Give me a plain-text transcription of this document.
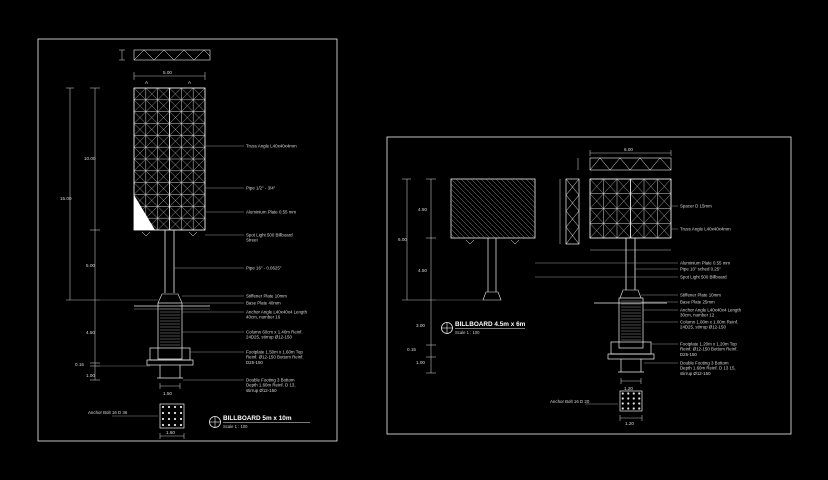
5.00
A	A
10.00
5.00
15.00
4.50
0.15
1.00
1.50
Truss Angle L40x40x4mm
Pipe 1/2" - 3/4"
Aluminium Plate 0.55 mm
Spot Light 500 Billboard Street
Pipe 16" - 0.0625"
Stiffener Plate 10mm
Base Plate 40mm
Anchor Angle L40x40x4 Length 40cm, number 16
Column 60cm x 1.40m Reinf. 24D25, stirrup Ø12-150
Footplate 1.50m x 1.60m Top Reinf. Ø12-150 Bottom Reinf. D25-150
Double Footing 3 Bottom Depth 1.60m Reinf. D 13, stirrup Ø12-150
Anchor Bolt 16 D 36
1.60
BILLBOARD 5m x 10m
Scale 1 : 100
6.00
1.20
4.50
6.00
4.50
3.00
0.15
1.00
Aluminium Plate 0.55 mm
Spot Light 500 Billboard
Spacer D 15mm
Truss Angle L40x40x4mm
Pipe 10" sched 0.25"
Stiffener Plate 10mm
Base Plate 25mm
Anchor Angle L40x40x4 Length 30cm, number 12
Column 1.00m x 1.00m Reinf. 24D25, stirrup Ø12-150
Footplate 1.20m x 1.20m Top Reinf. Ø12-150 Bottom Reinf. D25-150
Double Footing 3 Bottom Depth 1.60m Reinf. D 13 15, stirrup Ø12-150
BILLBOARD 4.5m x 6m
Scale 1 : 100
Anchor Bolt 16 D 20
1.20
